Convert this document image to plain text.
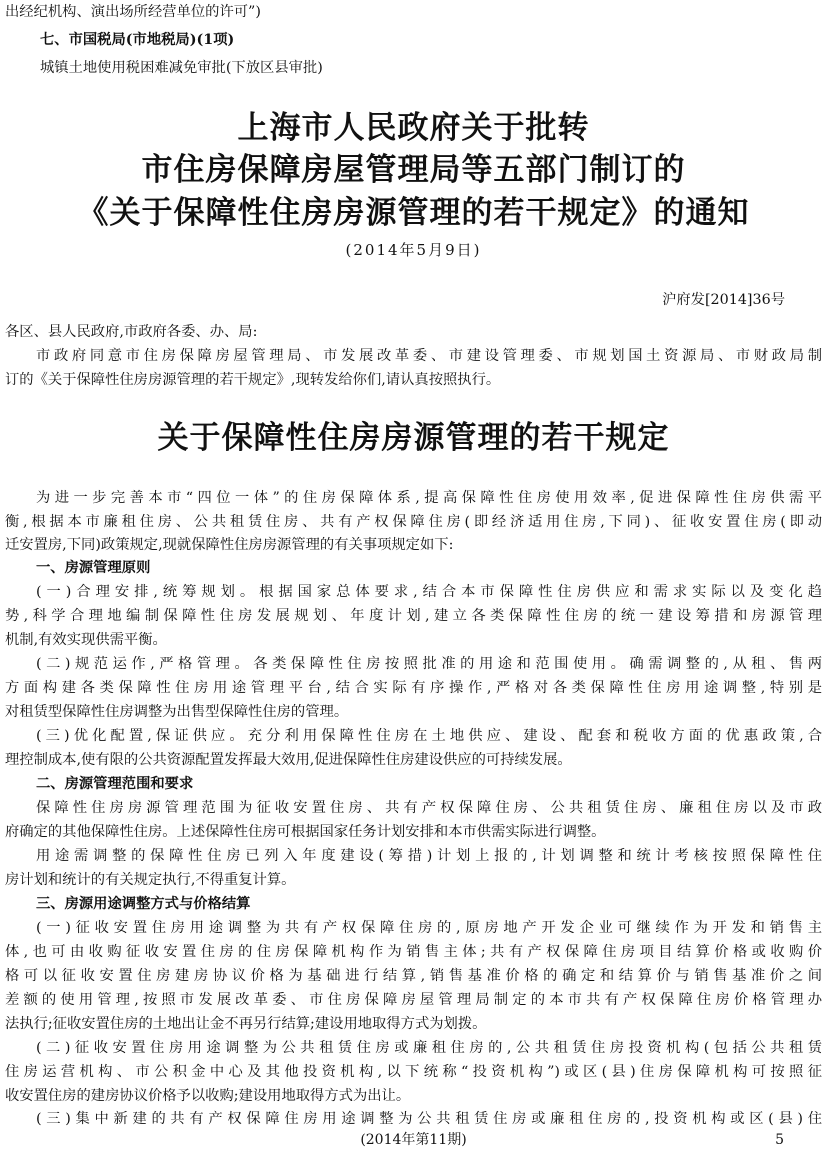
出经纪机构、演出场所经营单位的许可”)
七、市国税局(市地税局)(1项)
城镇土地使用税困难减免审批(下放区县审批)
上海市人民政府关于批转
市住房保障房屋管理局等五部门制订的
《关于保障性住房房源管理的若干规定》的通知
(2014年5月9日)
沪府发[2014]36号
各区、县人民政府,市政府各委、办、局:
市政府同意市住房保障房屋管理局、市发展改革委、市建设管理委、市规划国土资源局、市财政局制
订的《关于保障性住房房源管理的若干规定》,现转发给你们,请认真按照执行。
关于保障性住房房源管理的若干规定
为进一步完善本市“四位一体”的住房保障体系,提高保障性住房使用效率,促进保障性住房供需平
衡,根据本市廉租住房、公共租赁住房、共有产权保障住房(即经济适用住房,下同)、征收安置住房(即动
迁安置房,下同)政策规定,现就保障性住房房源管理的有关事项规定如下:
一、房源管理原则
(一)合理安排,统筹规划。根据国家总体要求,结合本市保障性住房供应和需求实际以及变化趋
势,科学合理地编制保障性住房发展规划、年度计划,建立各类保障性住房的统一建设筹措和房源管理
机制,有效实现供需平衡。
(二)规范运作,严格管理。各类保障性住房按照批准的用途和范围使用。确需调整的,从租、售两
方面构建各类保障性住房用途管理平台,结合实际有序操作,严格对各类保障性住房用途调整,特别是
对租赁型保障性住房调整为出售型保障性住房的管理。
(三)优化配置,保证供应。充分利用保障性住房在土地供应、建设、配套和税收方面的优惠政策,合
理控制成本,使有限的公共资源配置发挥最大效用,促进保障性住房建设供应的可持续发展。
二、房源管理范围和要求
保障性住房房源管理范围为征收安置住房、共有产权保障住房、公共租赁住房、廉租住房以及市政
府确定的其他保障性住房。上述保障性住房可根据国家任务计划安排和本市供需实际进行调整。
用途需调整的保障性住房已列入年度建设(筹措)计划上报的,计划调整和统计考核按照保障性住
房计划和统计的有关规定执行,不得重复计算。
三、房源用途调整方式与价格结算
(一)征收安置住房用途调整为共有产权保障住房的,原房地产开发企业可继续作为开发和销售主
体,也可由收购征收安置住房的住房保障机构作为销售主体;共有产权保障住房项目结算价格或收购价
格可以征收安置住房建房协议价格为基础进行结算,销售基准价格的确定和结算价与销售基准价之间
差额的使用管理,按照市发展改革委、市住房保障房屋管理局制定的本市共有产权保障住房价格管理办
法执行;征收安置住房的土地出让金不再另行结算;建设用地取得方式为划拨。
(二)征收安置住房用途调整为公共租赁住房或廉租住房的,公共租赁住房投资机构(包括公共租赁
住房运营机构、市公积金中心及其他投资机构,以下统称“投资机构”)或区(县)住房保障机构可按照征
收安置住房的建房协议价格予以收购;建设用地取得方式为出让。
(三)集中新建的共有产权保障住房用途调整为公共租赁住房或廉租住房的,投资机构或区(县)住
(2014年第11期)	5
